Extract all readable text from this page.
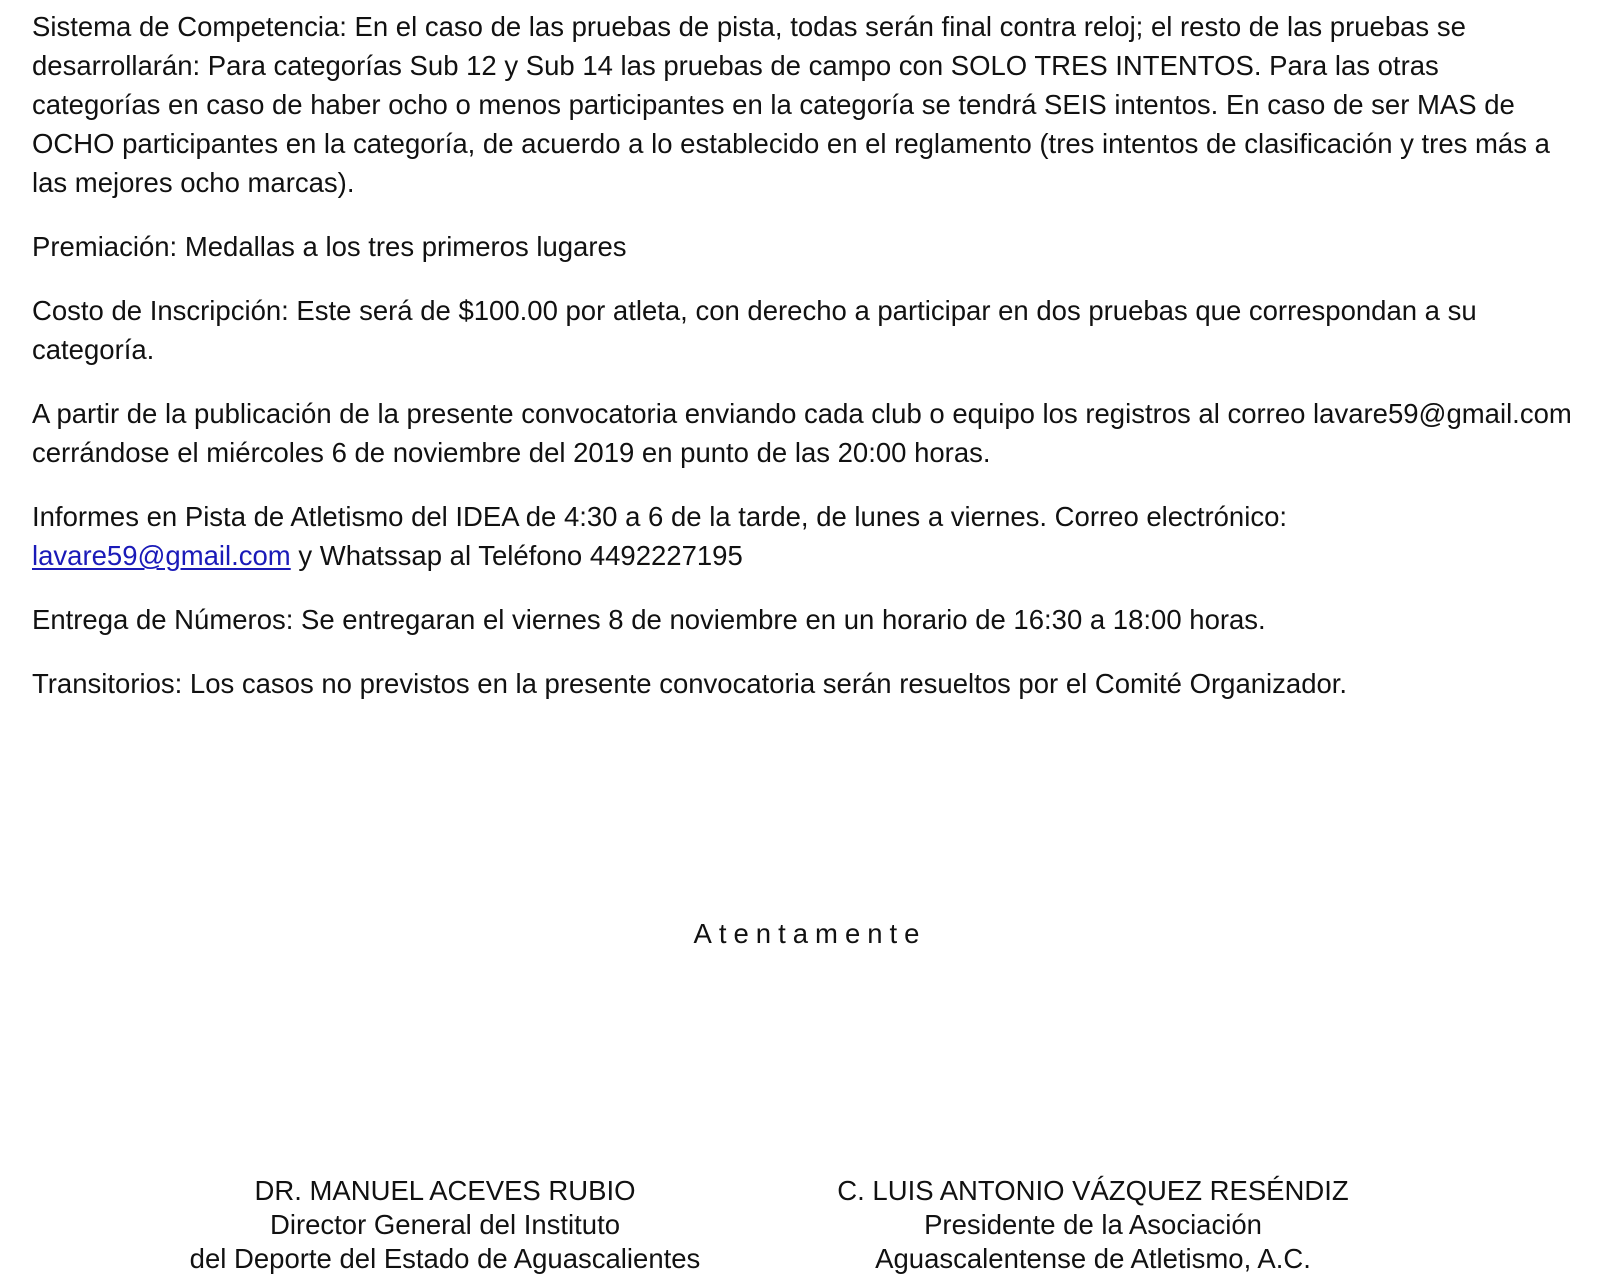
Sistema de Competencia: En el caso de las pruebas de pista, todas serán final contra reloj; el resto de las pruebas se desarrollarán: Para categorías Sub 12 y Sub 14 las pruebas de campo con SOLO TRES INTENTOS. Para las otras categorías en caso de haber ocho o menos participantes en la categoría se tendrá SEIS intentos. En caso de ser MAS de OCHO participantes en la categoría, de acuerdo a lo establecido en el reglamento (tres intentos de clasificación y tres más a las mejores ocho marcas).

Premiación: Medallas a los tres primeros lugares

Costo de Inscripción: Este será de $100.00 por atleta, con derecho a participar en dos pruebas que correspondan a su categoría.

A partir de la publicación de la presente convocatoria enviando cada club o equipo los registros al correo lavare59@gmail.com cerrándose el miércoles 6 de noviembre del 2019 en punto de las 20:00 horas.

Informes en Pista de Atletismo del IDEA de 4:30 a 6 de la tarde, de lunes a viernes. Correo electrónico:
lavare59@gmail.com y Whatssap al Teléfono 4492227195

Entrega de Números: Se entregaran el viernes 8 de noviembre en un horario de 16:30 a 18:00 horas.

Transitorios: Los casos no previstos en la presente convocatoria serán resueltos por el Comité Organizador.

Atentamente
DR. MANUEL ACEVES RUBIO
Director General del Instituto
del Deporte del Estado de Aguascalientes
C. LUIS ANTONIO VÁZQUEZ RESÉNDIZ
Presidente de la Asociación
Aguascalentense de Atletismo, A.C.
